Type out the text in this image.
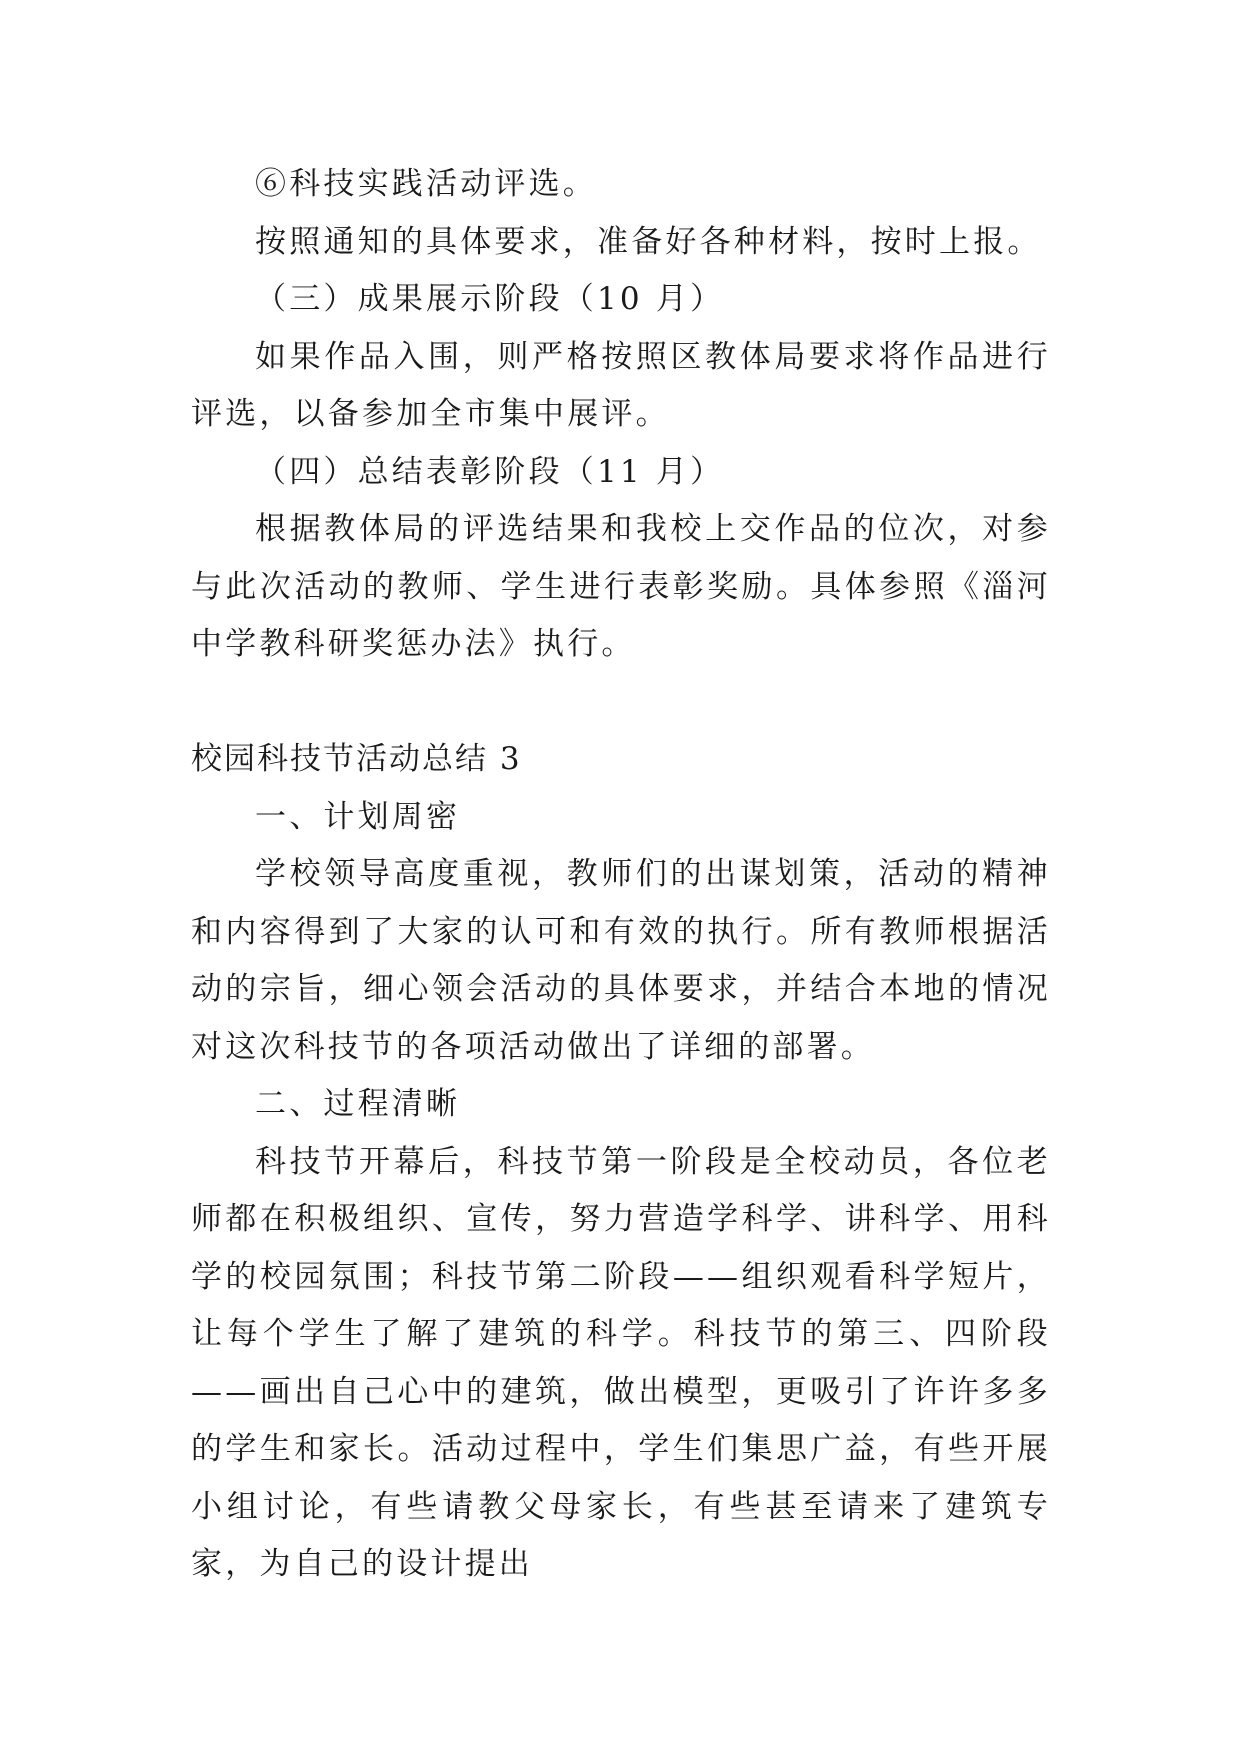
⑥科技实践活动评选。

按照通知的具体要求，准备好各种材料，按时上报。

（三）成果展示阶段（10 月）

如果作品入围，则严格按照区教体局要求将作品进行评选，以备参加全市集中展评。

（四）总结表彰阶段（11 月）

根据教体局的评选结果和我校上交作品的位次，对参与此次活动的教师、学生进行表彰奖励。具体参照《淄河中学教科研奖惩办法》执行。

校园科技节活动总结 3

一、计划周密

学校领导高度重视，教师们的出谋划策，活动的精神和内容得到了大家的认可和有效的执行。所有教师根据活动的宗旨，细心领会活动的具体要求，并结合本地的情况对这次科技节的各项活动做出了详细的部署。

二、过程清晰

科技节开幕后，科技节第一阶段是全校动员，各位老师都在积极组织、宣传，努力营造学科学、讲科学、用科学的校园氛围；科技节第二阶段——组织观看科学短片，让每个学生了解了建筑的科学。科技节的第三、四阶段——画出自己心中的建筑，做出模型，更吸引了许许多多的学生和家长。活动过程中，学生们集思广益，有些开展小组讨论，有些请教父母家长，有些甚至请来了建筑专家，为自己的设计提出
